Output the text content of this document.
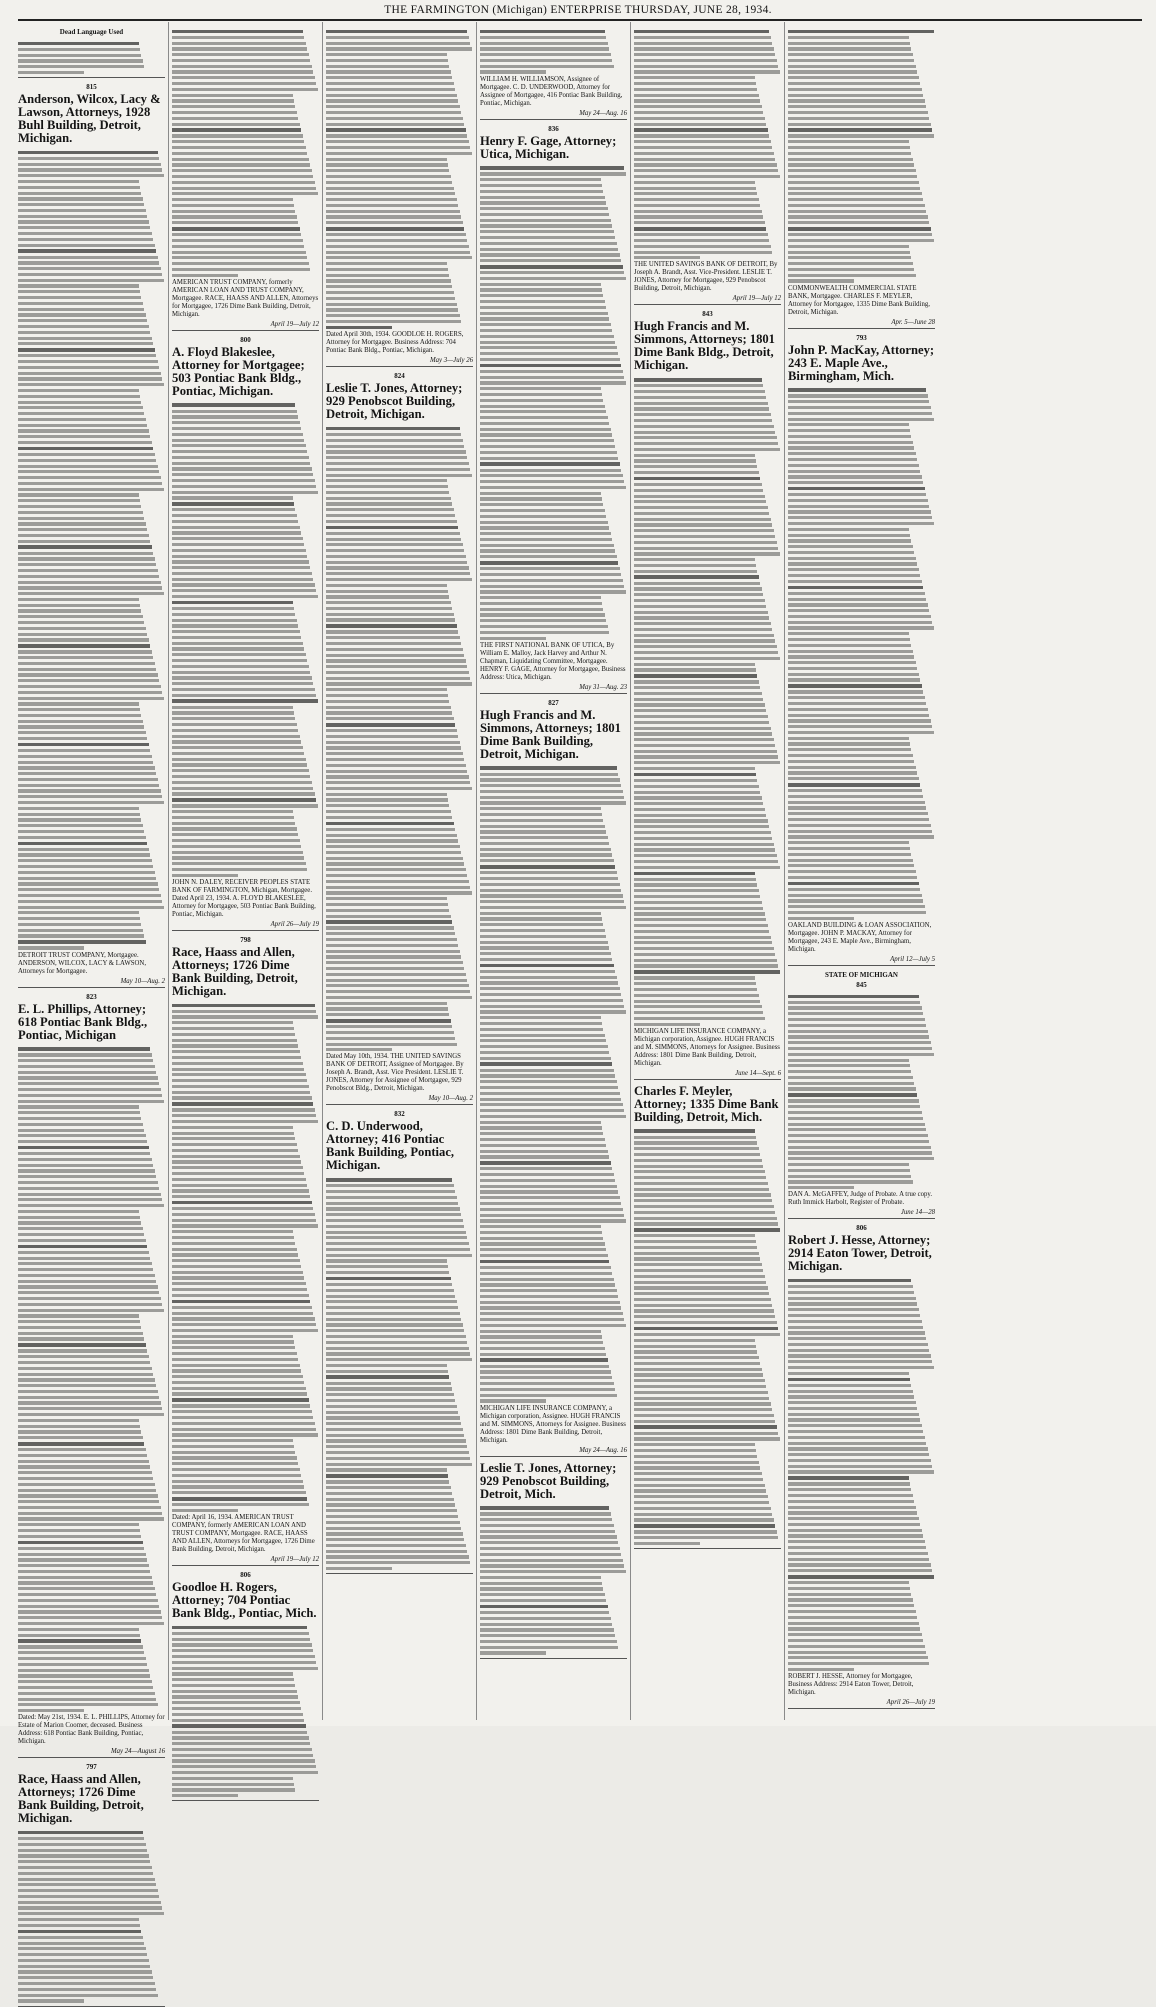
THE FARMINGTON (Michigan) ENTERPRISE THURSDAY, JUNE 28, 1934.
Dead Language Used
815
Anderson, Wilcox, Lacy & Lawson, Attorneys, 1928 Buhl Building, Detroit, Michigan.
DETROIT TRUST COMPANY, Mortgagee. ANDERSON, WILCOX, LACY & LAWSON, Attorneys for Mortgagee.
May 10—Aug. 2
823
E. L. Phillips, Attorney; 618 Pontiac Bank Bldg., Pontiac, Michigan
Dated: May 21st, 1934. E. L. PHILLIPS, Attorney for Estate of Marion Coomer, deceased. Business Address: 618 Pontiac Bank Building, Pontiac, Michigan.
May 24—August 16
797
Race, Haass and Allen, Attorneys; 1726 Dime Bank Building, Detroit, Michigan.
AMERICAN TRUST COMPANY, formerly AMERICAN LOAN AND TRUST COMPANY, Mortgagee. RACE, HAASS AND ALLEN, Attorneys for Mortgagee, 1726 Dime Bank Building, Detroit, Michigan.
April 19—July 12
800
A. Floyd Blakeslee, Attorney for Mortgagee; 503 Pontiac Bank Bldg., Pontiac, Michigan.
JOHN N. DALEY, RECEIVER PEOPLES STATE BANK OF FARMINGTON, Michigan, Mortgagee. Dated April 23, 1934. A. FLOYD BLAKESLEE, Attorney for Mortgagee, 503 Pontiac Bank Building, Pontiac, Michigan.
April 26—July 19
798
Race, Haass and Allen, Attorneys; 1726 Dime Bank Building, Detroit, Michigan.
Dated: April 16, 1934. AMERICAN TRUST COMPANY, formerly AMERICAN LOAN AND TRUST COMPANY, Mortgagee. RACE, HAASS AND ALLEN, Attorneys for Mortgagee, 1726 Dime Bank Building, Detroit, Michigan.
April 19—July 12
806
Goodloe H. Rogers, Attorney; 704 Pontiac Bank Bldg., Pontiac, Mich.
Dated April 30th, 1934. GOODLOE H. ROGERS, Attorney for Mortgagee. Business Address: 704 Pontiac Bank Bldg., Pontiac, Michigan.
May 3—July 26
824
Leslie T. Jones, Attorney; 929 Penobscot Building, Detroit, Michigan.
Dated May 10th, 1934. THE UNITED SAVINGS BANK OF DETROIT, Assignee of Mortgagee. By Joseph A. Brandt, Asst. Vice President. LESLIE T. JONES, Attorney for Assignee of Mortgagee, 929 Penobscot Bldg., Detroit, Michigan.
May 10—Aug. 2
832
C. D. Underwood, Attorney; 416 Pontiac Bank Building, Pontiac, Michigan.
WILLIAM H. WILLIAMSON, Assignee of Mortgagee. C. D. UNDERWOOD, Attorney for Assignee of Mortgagee, 416 Pontiac Bank Building, Pontiac, Michigan.
May 24—Aug. 16
836
Henry F. Gage, Attorney; Utica, Michigan.
THE FIRST NATIONAL BANK OF UTICA, By William E. Malloy, Jack Harvey and Arthur N. Chapman, Liquidating Committee, Mortgagee. HENRY F. GAGE, Attorney for Mortgagee, Business Address: Utica, Michigan.
May 31—Aug. 23
827
Hugh Francis and M. Simmons, Attorneys; 1801 Dime Bank Building, Detroit, Michigan.
MICHIGAN LIFE INSURANCE COMPANY, a Michigan corporation, Assignee. HUGH FRANCIS and M. SIMMONS, Attorneys for Assignee. Business Address: 1801 Dime Bank Building, Detroit, Michigan.
May 24—Aug. 16
Leslie T. Jones, Attorney; 929 Penobscot Building, Detroit, Mich.
THE UNITED SAVINGS BANK OF DETROIT, By Joseph A. Brandt, Asst. Vice-President. LESLIE T. JONES, Attorney for Mortgagee, 929 Penobscot Building, Detroit, Michigan.
April 19—July 12
843
Hugh Francis and M. Simmons, Attorneys; 1801 Dime Bank Bldg., Detroit, Michigan.
MICHIGAN LIFE INSURANCE COMPANY, a Michigan corporation, Assignee. HUGH FRANCIS and M. SIMMONS, Attorneys for Assignee. Business Address: 1801 Dime Bank Building, Detroit, Michigan.
June 14—Sept. 6
Charles F. Meyler, Attorney; 1335 Dime Bank Building, Detroit, Mich.
COMMONWEALTH COMMERCIAL STATE BANK, Mortgagee. CHARLES F. MEYLER, Attorney for Mortgagee, 1335 Dime Bank Building, Detroit, Michigan.
Apr. 5—June 28
793
John P. MacKay, Attorney; 243 E. Maple Ave., Birmingham, Mich.
OAKLAND BUILDING & LOAN ASSOCIATION, Mortgagee. JOHN P. MACKAY, Attorney for Mortgagee, 243 E. Maple Ave., Birmingham, Michigan.
April 12—July 5
STATE OF MICHIGAN
845
DAN A. McGAFFEY, Judge of Probate. A true copy. Ruth Immick Harbolt, Register of Probate.
June 14—28
806
Robert J. Hesse, Attorney; 2914 Eaton Tower, Detroit, Michigan.
ROBERT J. HESSE, Attorney for Mortgagee, Business Address: 2914 Eaton Tower, Detroit, Michigan.
April 26—July 19
